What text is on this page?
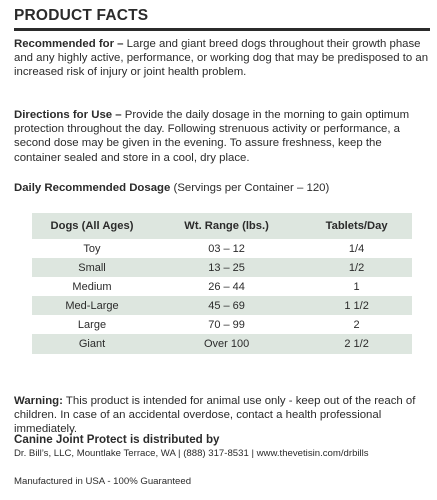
PRODUCT FACTS
Recommended for – Large and giant breed dogs throughout their growth phase and any highly active, performance, or working dog that may be predisposed to an increased risk of injury or joint health problem.
Directions for Use – Provide the daily dosage in the morning to gain optimum protection throughout the day. Following strenuous activity or performance, a second dose may be given in the evening. To assure freshness, keep the container sealed and store in a cool, dry place.
Daily Recommended Dosage (Servings per Container – 120)
Dogs (All Ages)	Wt. Range (lbs.)	Tablets/Day
Toy	03 – 12	1/4
Small	13 – 25	1/2
Medium	26 – 44	1
Med-Large	45 – 69	1 1/2
Large	70 – 99	2
Giant	Over 100	2 1/2
Warning: This product is intended for animal use only - keep out of the reach of children. In case of an accidental overdose, contact a health professional immediately.
Canine Joint Protect is distributed by
Dr. Bill’s, LLC, Mountlake Terrace, WA | (888) 317-8531 | www.thevetisin.com/drbills
Manufactured in USA - 100% Guaranteed
